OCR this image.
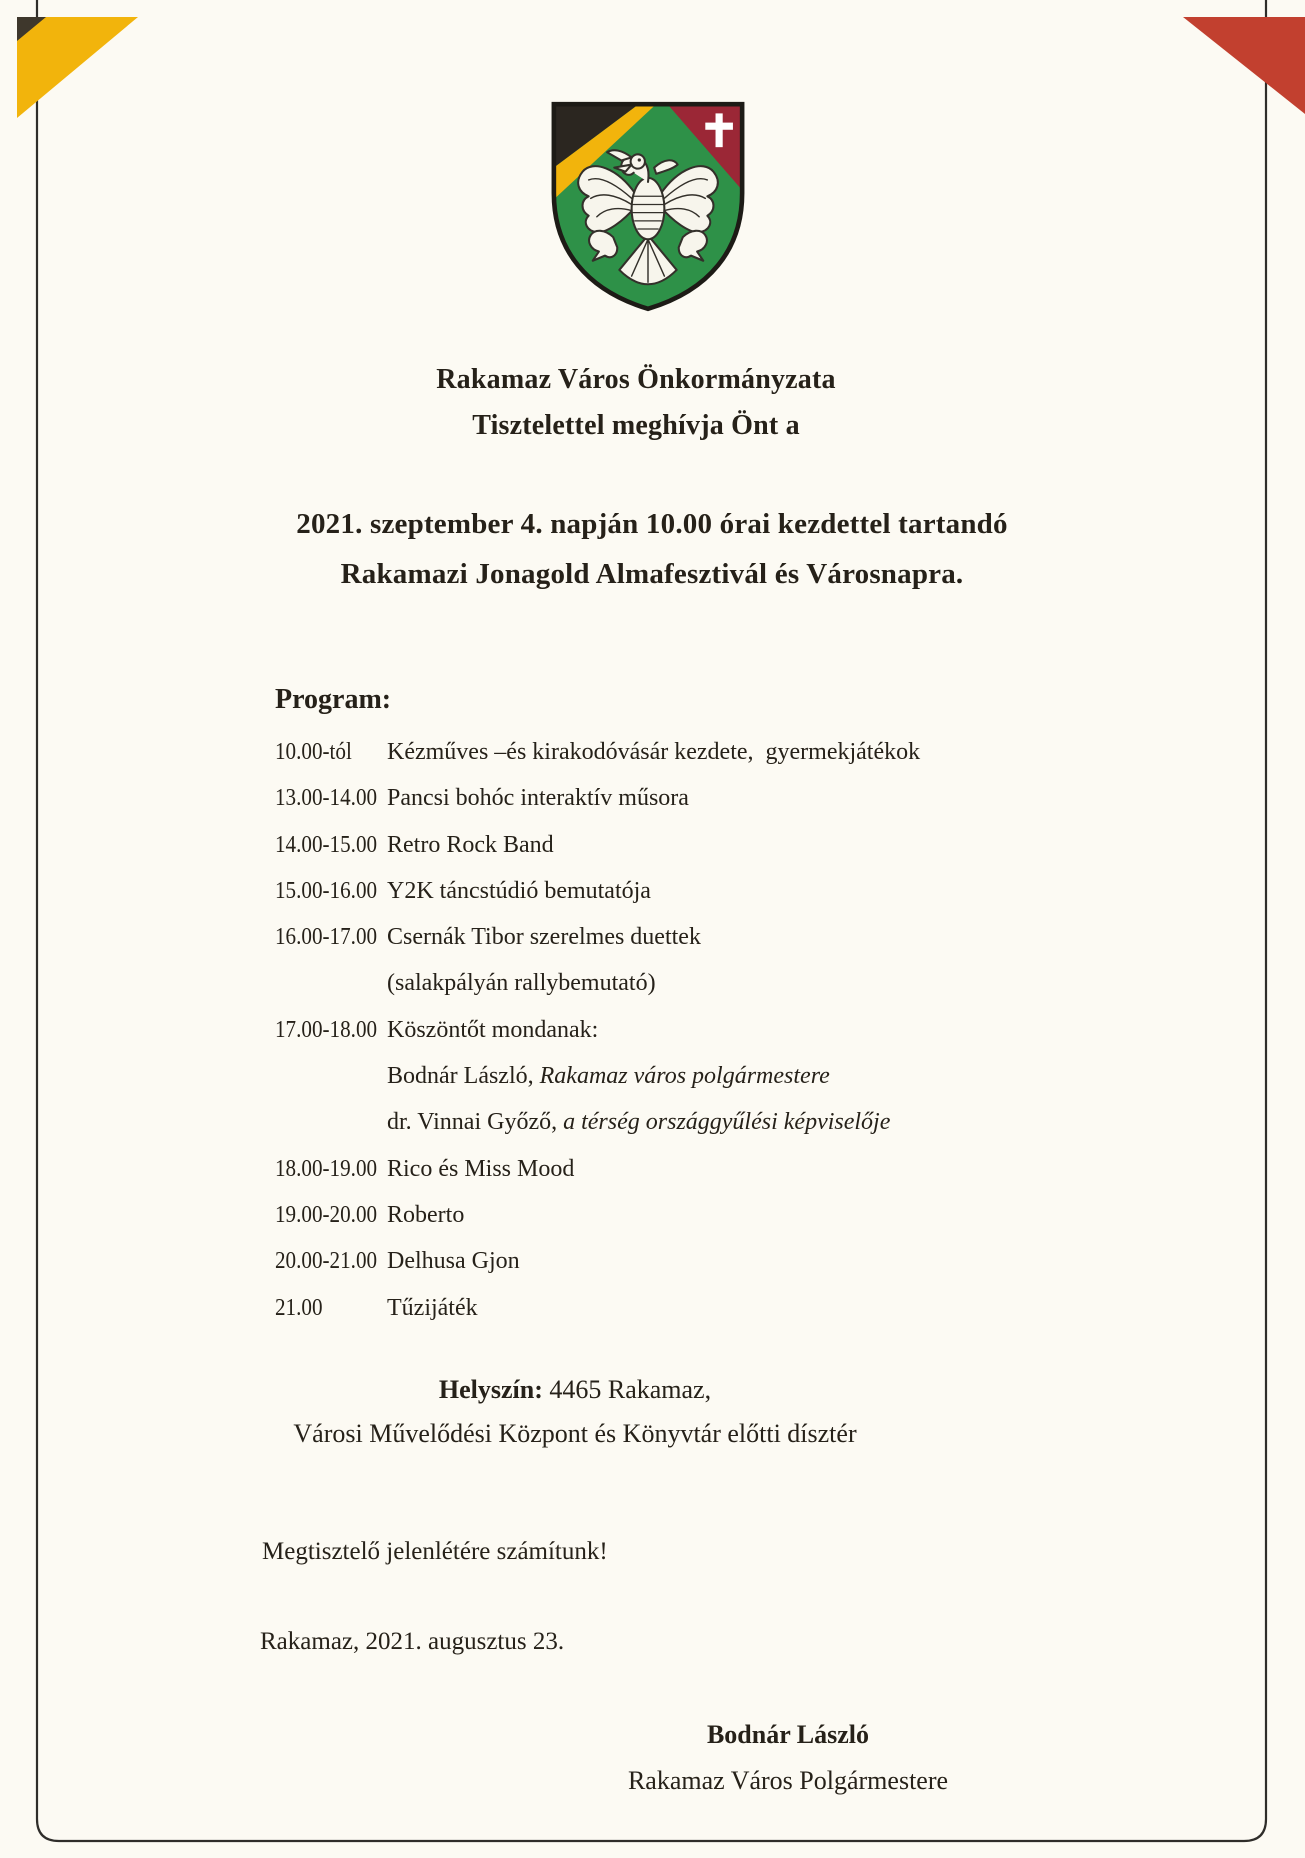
Rakamaz Város Önkormányzata
Tisztelettel meghívja Önt a
2021. szeptember 4. napján 10.00 órai kezdettel tartandó
Rakamazi Jonagold Almafesztivál és Városnapra.
Program:
10.00-tól	Kézműves –és kirakodóvásár kezdete,  gyermekjátékok
13.00-14.00 Pancsi bohóc interaktív műsora
14.00-15.00 Retro Rock Band
15.00-16.00 Y2K táncstúdió bemutatója
16.00-17.00 Csernák Tibor szerelmes duettek
(salakpályán rallybemutató)
17.00-18.00 Köszöntőt mondanak:
Bodnár László, Rakamaz város polgármestere
dr. Vinnai Győző, a térség országgyűlési képviselője
18.00-19.00 Rico és Miss Mood
19.00-20.00 Roberto
20.00-21.00 Delhusa Gjon
21.00	Tűzijáték
Helyszín: 4465 Rakamaz,
Városi Művelődési Központ és Könyvtár előtti dísztér
Megtisztelő jelenlétére számítunk!
Rakamaz, 2021. augusztus 23.
Bodnár László
Rakamaz Város Polgármestere
